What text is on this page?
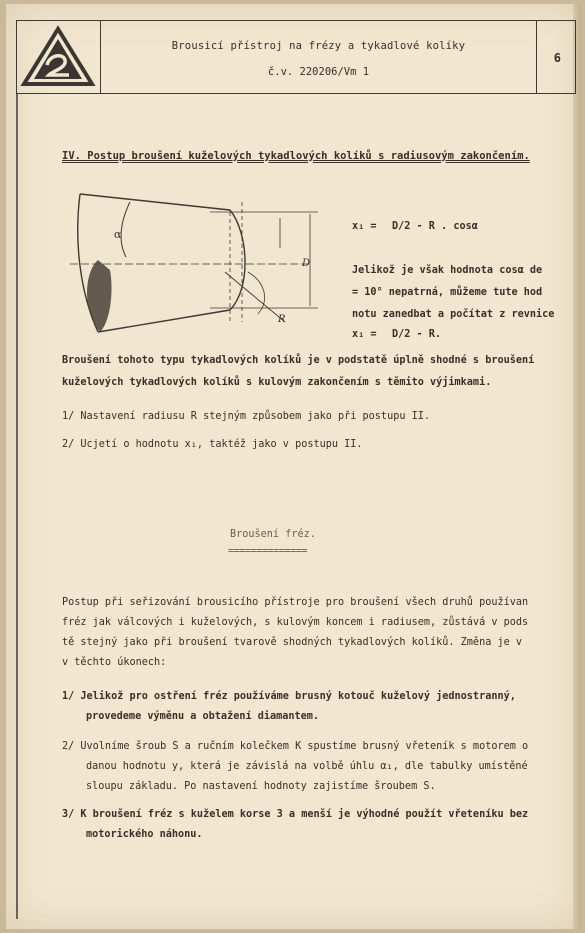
Brousicí přístroj na frézy a tykadlové kolíky
č.v. 220206/Vm 1
6
IV. Postup broušení kuželových tykadlových kolíků s radiusovým zakončením.
α
D
R
x₁ = D/2 - R . cosα
Jelikož je však hodnota cosα de
= 10° nepatrná, můžeme tute hod
notu zanedbat a počítat z revnice
x₁ = D/2 - R.
Broušení tohoto typu tykadlových kolíků je v podstatě úplně shodné s broušení
kuželových tykadlových kolíků s kulovým zakončením s těmito výjimkami.
1/ Nastavení radiusu R stejným způsobem jako při postupu II.
2/ Ucjetí o hodnotu x₁, taktéž jako v postupu II.
Broušení fréz.
==============
Postup při seřizování brousicího přístroje pro broušení všech druhů používan
fréz jak válcových i kuželových, s kulovým koncem i radiusem, zůstává v pods
tě stejný jako při broušení tvarově shodných tykadlových kolíků. Změna je v
v těchto úkonech:
1/ Jelikož pro ostření fréz používáme brusný kotouč kuželový jednostranný,
provedeme výměnu a obtažení diamantem.
2/ Uvolníme šroub S a ručním kolečkem K spustíme brusný vřeteník s motorem o
danou hodnotu y, která je závislá na volbě úhlu α₁, dle tabulky umístěné
sloupu základu. Po nastavení hodnoty zajistíme šroubem S.
3/ K broušení fréz s kuželem korse 3 a menší je výhodné použít vřeteníku bez
motorického náhonu.
